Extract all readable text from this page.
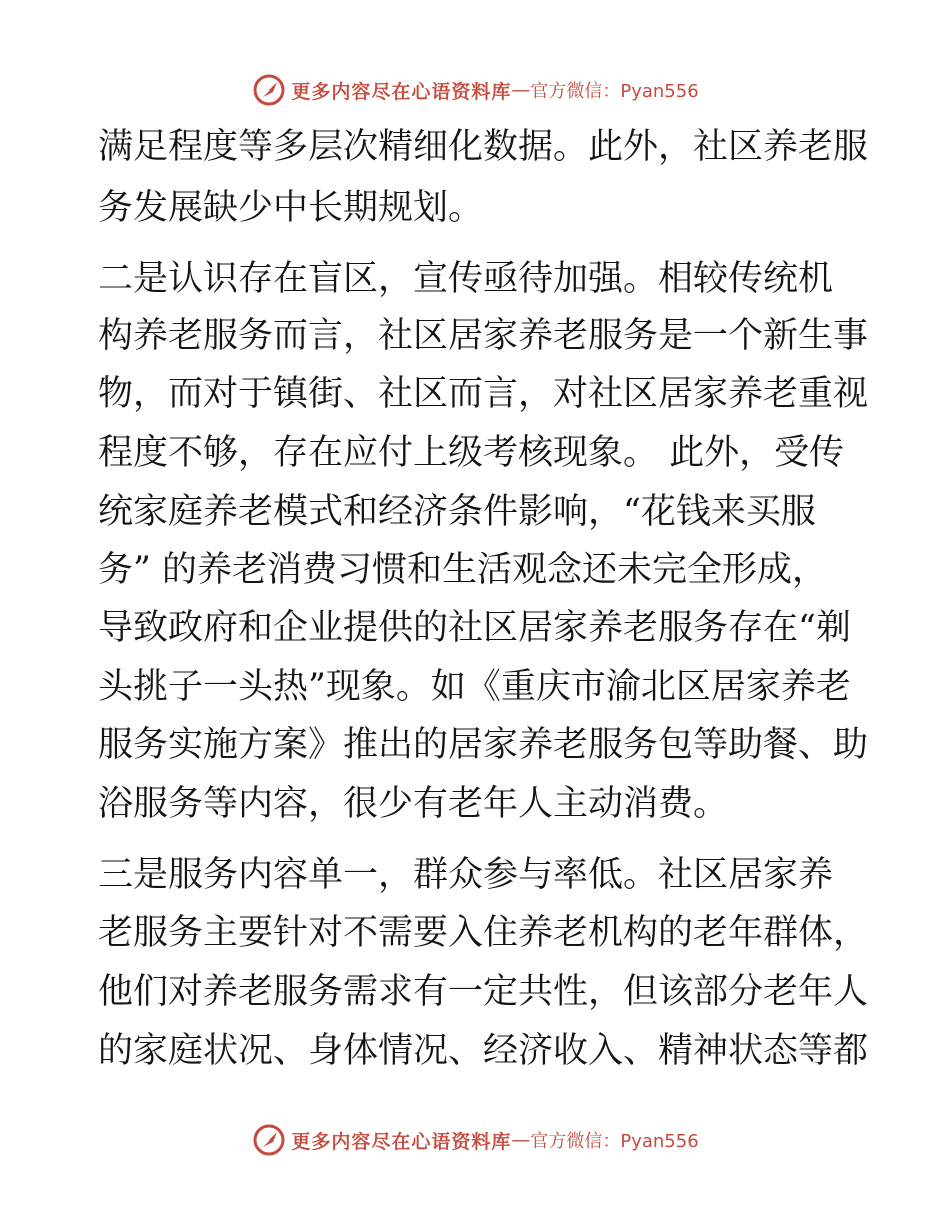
更多内容尽在心语资料库 — 官方微信：Pyan556
满足程度等多层次精细化数据。此外，社区养老服
务发展缺少中长期规划。
二是认识存在盲区，宣传亟待加强。相较传统机
构养老服务而言，社区居家养老服务是一个新生事
物，而对于镇街、社区而言，对社区居家养老重视
程度不够，存在应付上级考核现象。 此外，受传
统家庭养老模式和经济条件影响，“花钱来买服
务” 的养老消费习惯和生活观念还未完全形成，
导致政府和企业提供的社区居家养老服务存在“剃
头挑子一头热”现象。如《重庆市渝北区居家养老
服务实施方案》推出的居家养老服务包等助餐、助
浴服务等内容，很少有老年人主动消费。
三是服务内容单一，群众参与率低。社区居家养
老服务主要针对不需要入住养老机构的老年群体，
他们对养老服务需求有一定共性，但该部分老年人
的家庭状况、身体情况、经济收入、精神状态等都
更多内容尽在心语资料库 — 官方微信：Pyan556
